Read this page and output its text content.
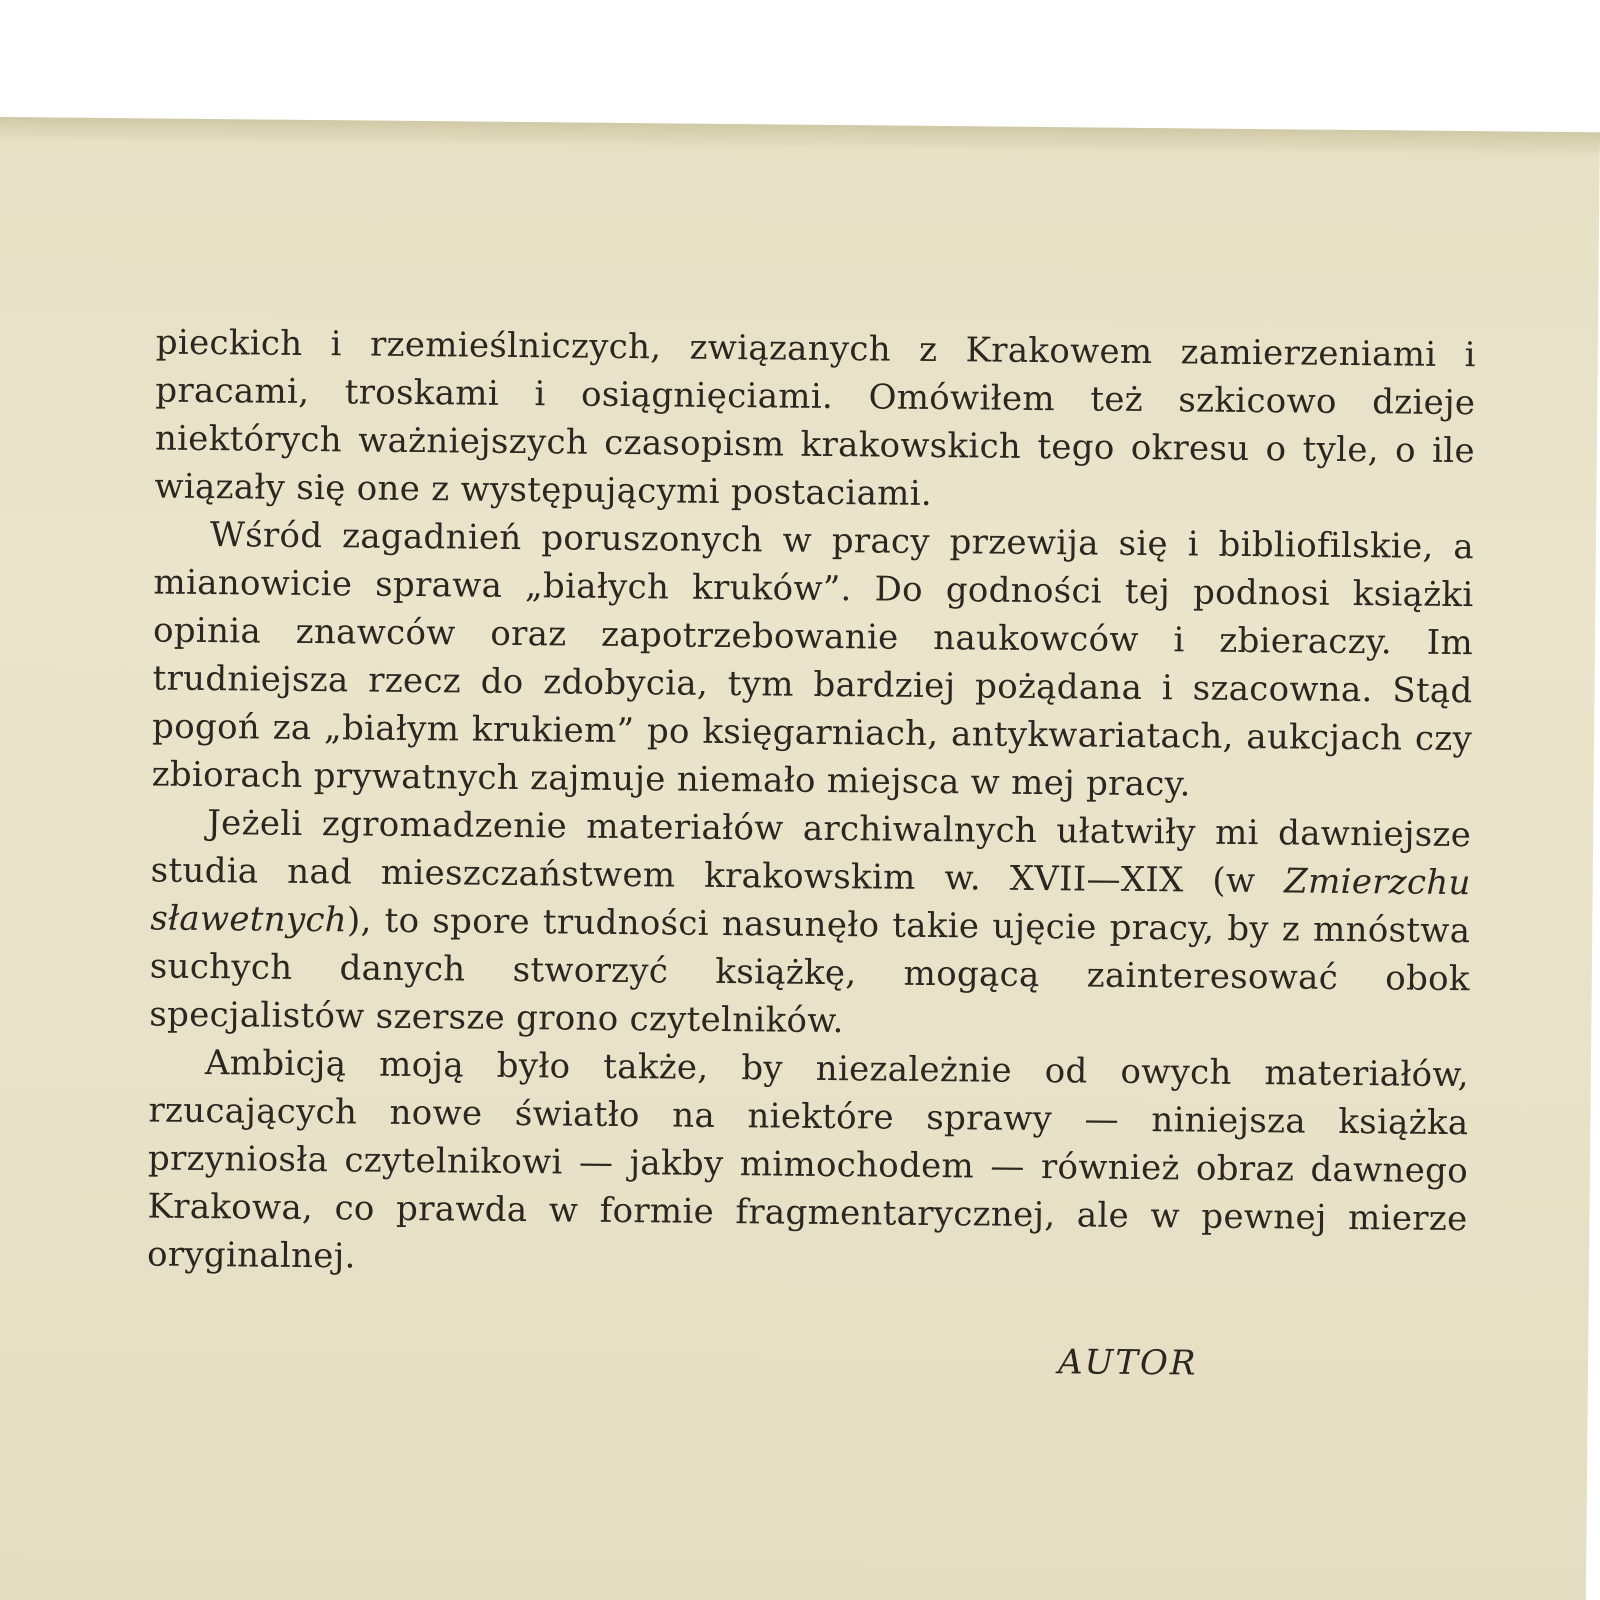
pieckich i rzemieślniczych, związanych z Krakowem zamierzeniami i pracami, troskami i osiągnięciami. Omówiłem też szkicowo dzieje niektórych ważniejszych czasopism krakowskich tego okresu o tyle, o ile wiązały się one z występującymi postaciami.

Wśród zagadnień poruszonych w pracy przewija się i bibliofilskie, a mianowicie sprawa „białych kruków”. Do godności tej podnosi książki opinia znawców oraz zapotrzebowanie naukowców i zbieraczy. Im trudniejsza rzecz do zdobycia, tym bardziej pożądana i szacowna. Stąd pogoń za „białym krukiem” po księgarniach, antykwariatach, aukcjach czy zbiorach prywatnych zajmuje niemało miejsca w mej pracy.

Jeżeli zgromadzenie materiałów archiwalnych ułatwiły mi dawniejsze studia nad mieszczaństwem krakowskim w. XVII—XIX (w Zmierzchu sławetnych), to spore trudności nasunęło takie ujęcie pracy, by z mnóstwa suchych danych stworzyć książkę, mogącą zainteresować obok specjalistów szersze grono czytelników.

Ambicją moją było także, by niezależnie od owych materiałów, rzucających nowe światło na niektóre sprawy — niniejsza książka przyniosła czytelnikowi — jakby mimochodem — również obraz dawnego Krakowa, co prawda w formie fragmentarycznej, ale w pewnej mierze oryginalnej.

AUTOR
